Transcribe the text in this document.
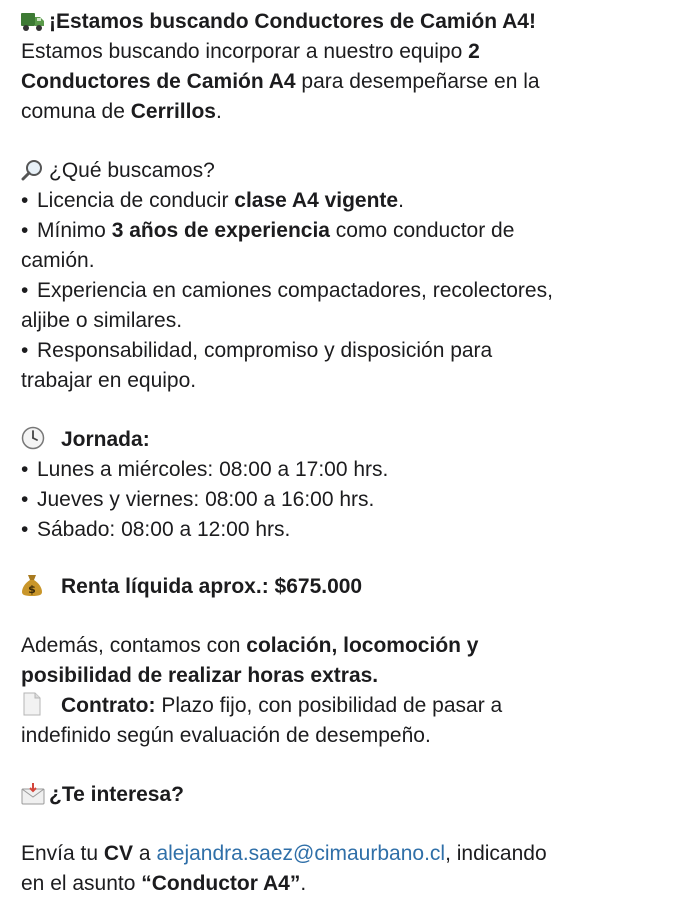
¡Estamos buscando Conductores de Camión A4!
Estamos buscando incorporar a nuestro equipo 2
Conductores de Camión A4 para desempeñarse en la
comuna de Cerrillos.
¿Qué buscamos?
• Licencia de conducir clase A4 vigente.
• Mínimo 3 años de experiencia como conductor de
camión.
• Experiencia en camiones compactadores, recolectores,
aljibe o similares.
• Responsabilidad, compromiso y disposición para
trabajar en equipo.
Jornada:
• Lunes a miércoles: 08:00 a 17:00 hrs.
• Jueves y viernes: 08:00 a 16:00 hrs.
• Sábado: 08:00 a 12:00 hrs.
$ Renta líquida aprox.: $675.000
Además, contamos con colación, locomoción y
posibilidad de realizar horas extras.
Contrato: Plazo fijo, con posibilidad de pasar a
indefinido según evaluación de desempeño.
¿Te interesa?
Envía tu CV a alejandra.saez@cimaurbano.cl, indicando
en el asunto “Conductor A4”.
